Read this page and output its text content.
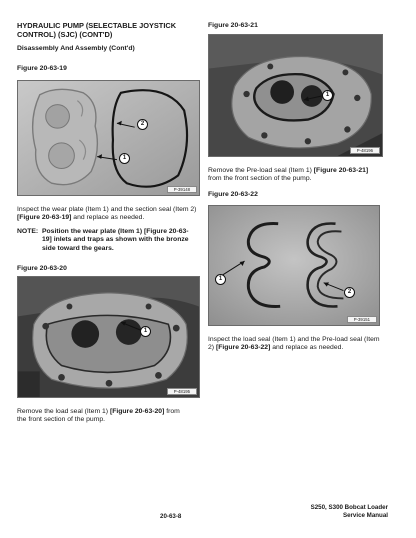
HYDRAULIC PUMP (SELECTABLE JOYSTICK
CONTROL) (SJC) (CONT'D)
Disassembly And Assembly (Cont'd)
Figure 20-63-19
2
1
P-39148
Inspect the wear plate (Item 1) and the section seal (Item 2)[Figure 20-63-19] and replace as needed.
NOTE: Position the wear plate (Item 1) [Figure 20-63-
19] inlets and traps as shown with the bronze
side toward the gears.
Figure 20-63-20
1
P-48195
Remove the load seal (Item 1) [Figure 20-63-20] from
the front section of the pump.
Figure 20-63-21
1
P-48196
Remove the Pre-load seal (Item 1) [Figure 20-63-21]
from the front section of the pump.
Figure 20-63-22
1
2
P-39151
Inspect the load seal (Item 1) and the Pre-load seal (Item
2) [Figure 20-63-22] and replace as needed.
20-63-8
S250, S300 Bobcat Loader
Service Manual
